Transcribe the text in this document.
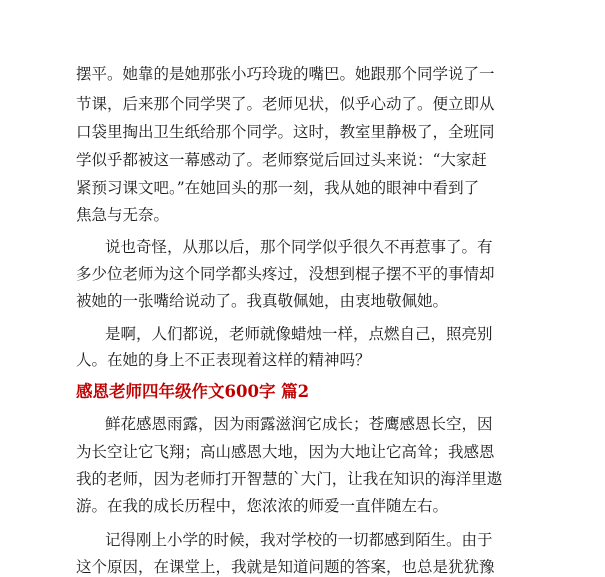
摆平。她靠的是她那张小巧玲珑的嘴巴。她跟那个同学说了一
节课，后来那个同学哭了。老师见状，似乎心动了。便立即从
口袋里掏出卫生纸给那个同学。这时，教室里静极了，全班同
学似乎都被这一幕感动了。老师察觉后回过头来说：“大家赶
紧预习课文吧。”在她回头的那一刻，我从她的眼神中看到了
焦急与无奈。
说也奇怪，从那以后，那个同学似乎很久不再惹事了。有
多少位老师为这个同学都头疼过，没想到棍子摆不平的事情却
被她的一张嘴给说动了。我真敬佩她，由衷地敬佩她。
是啊，人们都说，老师就像蜡烛一样，点燃自己，照亮别
人。在她的身上不正表现着这样的精神吗？
感恩老师四年级作文600字 篇2
鲜花感恩雨露，因为雨露滋润它成长；苍鹰感恩长空，因
为长空让它飞翔；高山感恩大地，因为大地让它高耸；我感恩
我的老师，因为老师打开智慧的`大门，让我在知识的海洋里遨
游。在我的成长历程中，您浓浓的师爱一直伴随左右。
记得刚上小学的时候，我对学校的一切都感到陌生。由于
这个原因，在课堂上，我就是知道问题的答案，也总是犹犹豫
